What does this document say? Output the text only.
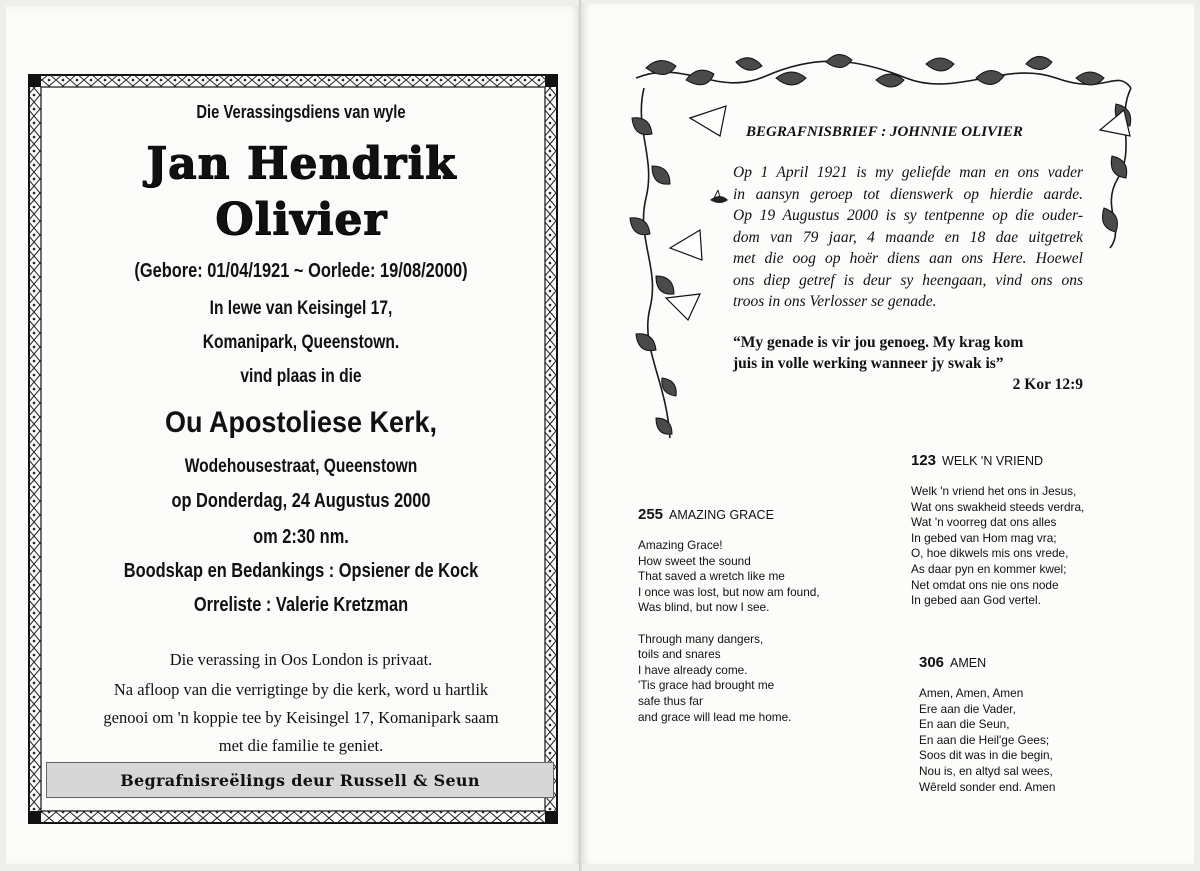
Die Verassingsdiens van wyle
Jan Hendrik
Olivier
(Gebore: 01/04/1921 ~ Oorlede: 19/08/2000)
In lewe van Keisingel 17,
Komanipark, Queenstown.
vind plaas in die
Ou Apostoliese Kerk,
Wodehousestraat, Queenstown
op Donderdag, 24 Augustus 2000
om 2:30 nm.
Boodskap en Bedankings : Opsiener de Kock
Orreliste : Valerie Kretzman
Die verassing in Oos London is privaat.
Na afloop van die verrigtinge by die kerk, word u hartlik
genooi om 'n koppie tee by Keisingel 17, Komanipark saam
met die familie te geniet.
Begrafnisreëlings deur Russell & Seun
BEGRAFNISBRIEF : JOHNNIE OLIVIER
Op 1 April 1921 is my geliefde man en ons vader
in aansyn geroep tot dienswerk op hierdie aarde.
Op 19 Augustus 2000 is sy tentpenne op die ouder-
dom van 79 jaar, 4 maande en 18 dae uitgetrek
met die oog op hoër diens aan ons Here. Hoewel
ons diep getref is deur sy heengaan, vind ons ons
troos in ons Verlosser se genade.
“My genade is vir jou genoeg. My krag kom
juis in volle werking wanneer jy swak is”
2 Kor 12:9
255 AMAZING GRACE
Amazing Grace!
How sweet the sound
That saved a wretch like me
I once was lost, but now am found,
Was blind, but now I see.
Through many dangers,
toils and snares
I have already come.
'Tis grace had brought me
safe thus far
and grace will lead me home.
123 WELK 'N VRIEND
Welk 'n vriend het ons in Jesus,
Wat ons swakheid steeds verdra,
Wat 'n voorreg dat ons alles
In gebed van Hom mag vra;
O, hoe dikwels mis ons vrede,
As daar pyn en kommer kwel;
Net omdat ons nie ons node
In gebed aan God vertel.
306 AMEN
Amen, Amen, Amen
Ere aan die Vader,
En aan die Seun,
En aan die Heil'ge Gees;
Soos dit was in die begin,
Nou is, en altyd sal wees,
Wêreld sonder end. Amen
